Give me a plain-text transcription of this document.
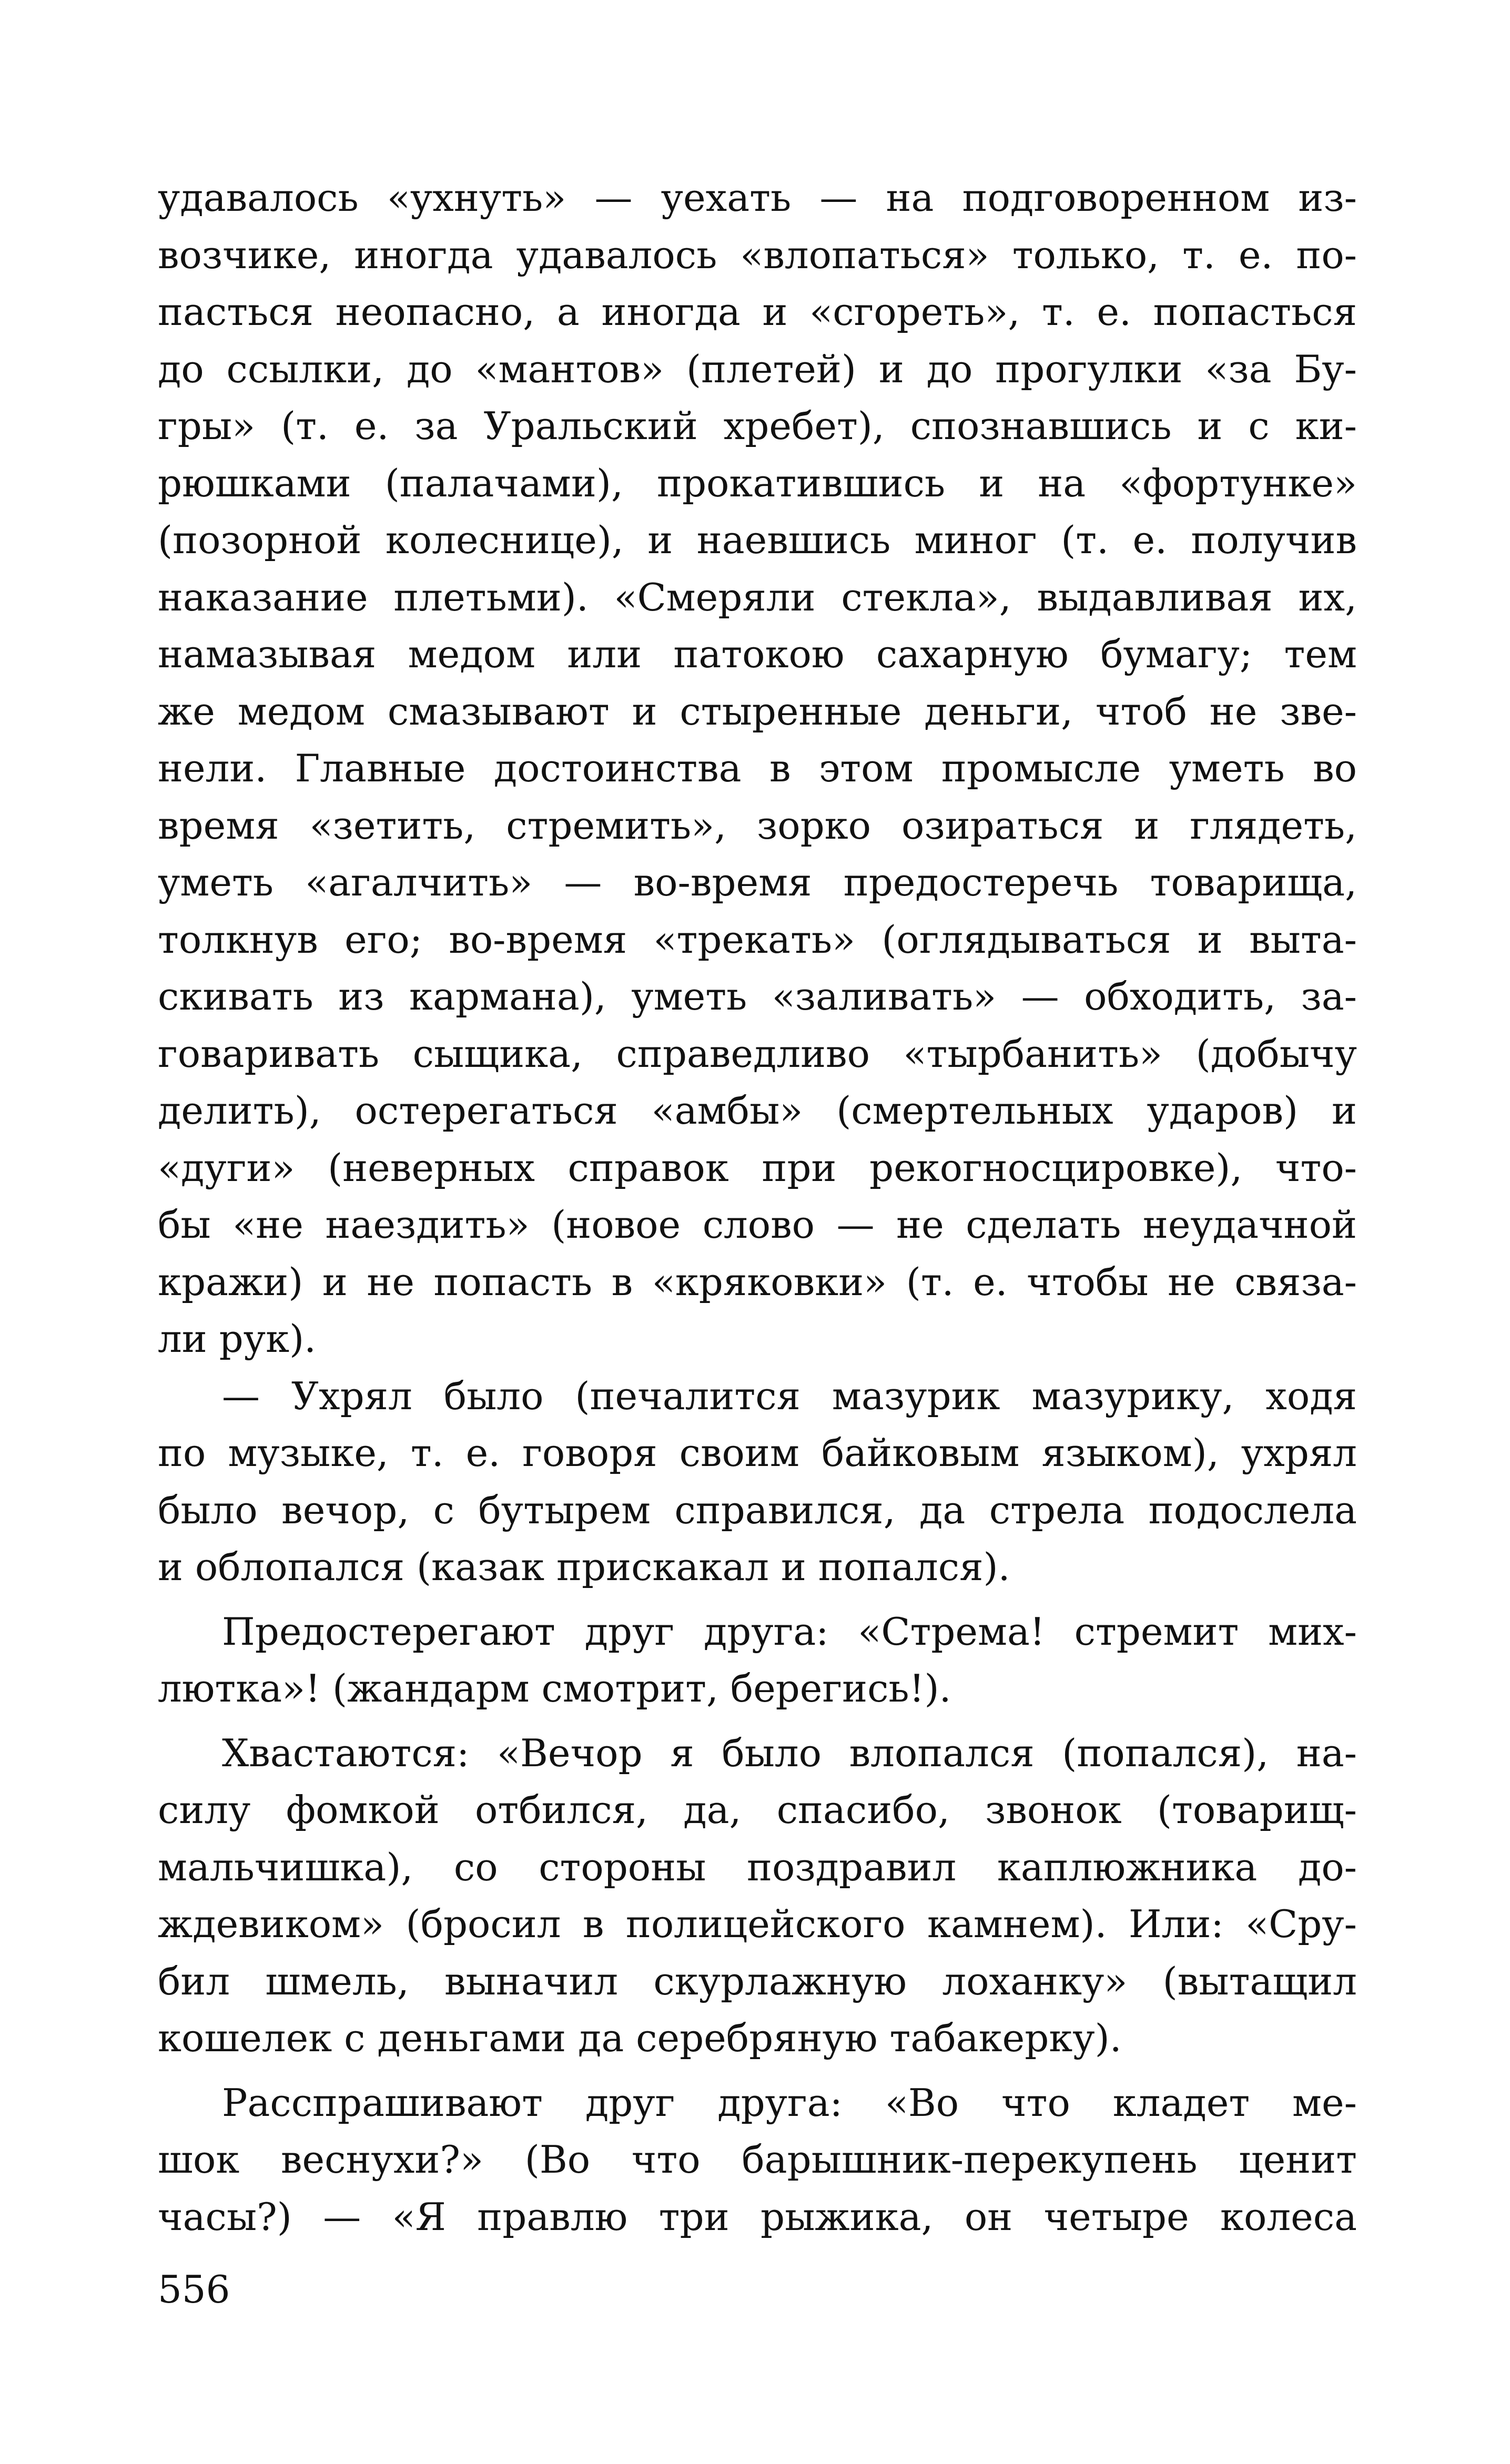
удавалось «ухнуть» — уехать — на подговоренном из-
возчике, иногда удавалось «влопаться» только, т. е. по-
пасться неопасно, а иногда и «сгореть», т. е. попасться
до ссылки, до «мантов» (плетей) и до прогулки «за Бу-
гры» (т. е. за Уральский хребет), спознавшись и с ки-
рюшками (палачами), прокатившись и на «фортунке»
(позорной колеснице), и наевшись миног (т. е. получив
наказание плетьми). «Смеряли стекла», выдавливая их,
намазывая медом или патокою сахарную бумагу; тем
же медом смазывают и стыренные деньги, чтоб не зве-
нели. Главные достоинства в этом промысле уметь во
время «зетить, стремить», зорко озираться и глядеть,
уметь «агалчить» — во-время предостеречь товарища,
толкнув его; во-время «трекать» (оглядываться и выта-
скивать из кармана), уметь «заливать» — обходить, за-
говаривать сыщика, справедливо «тырбанить» (добычу
делить), остерегаться «амбы» (смертельных ударов) и
«дуги» (неверных справок при рекогносцировке), что-
бы «не наездить» (новое слово — не сделать неудачной
кражи) и не попасть в «кряковки» (т. е. чтобы не связа-
ли рук).
— Ухрял было (печалится мазурик мазурику, ходя
по музыке, т. е. говоря своим байковым языком), ухрял
было вечор, с бутырем справился, да стрела подослела
и облопался (казак прискакал и попался).
Предостерегают друг друга: «Стрема! стремит мих-
лютка»! (жандарм смотрит, берегись!).
Хвастаются: «Вечор я было влопался (попался), на-
силу фомкой отбился, да, спасибо, звонок (товарищ-
мальчишка), со стороны поздравил каплюжника до-
ждевиком» (бросил в полицейского камнем). Или: «Сру-
бил шмель, выначил скурлажную лоханку» (вытащил
кошелек с деньгами да серебряную табакерку).
Расспрашивают друг друга: «Во что кладет ме-
шок веснухи?» (Во что барышник-перекупень ценит
часы?) — «Я правлю три рыжика, он четыре колеса
556
